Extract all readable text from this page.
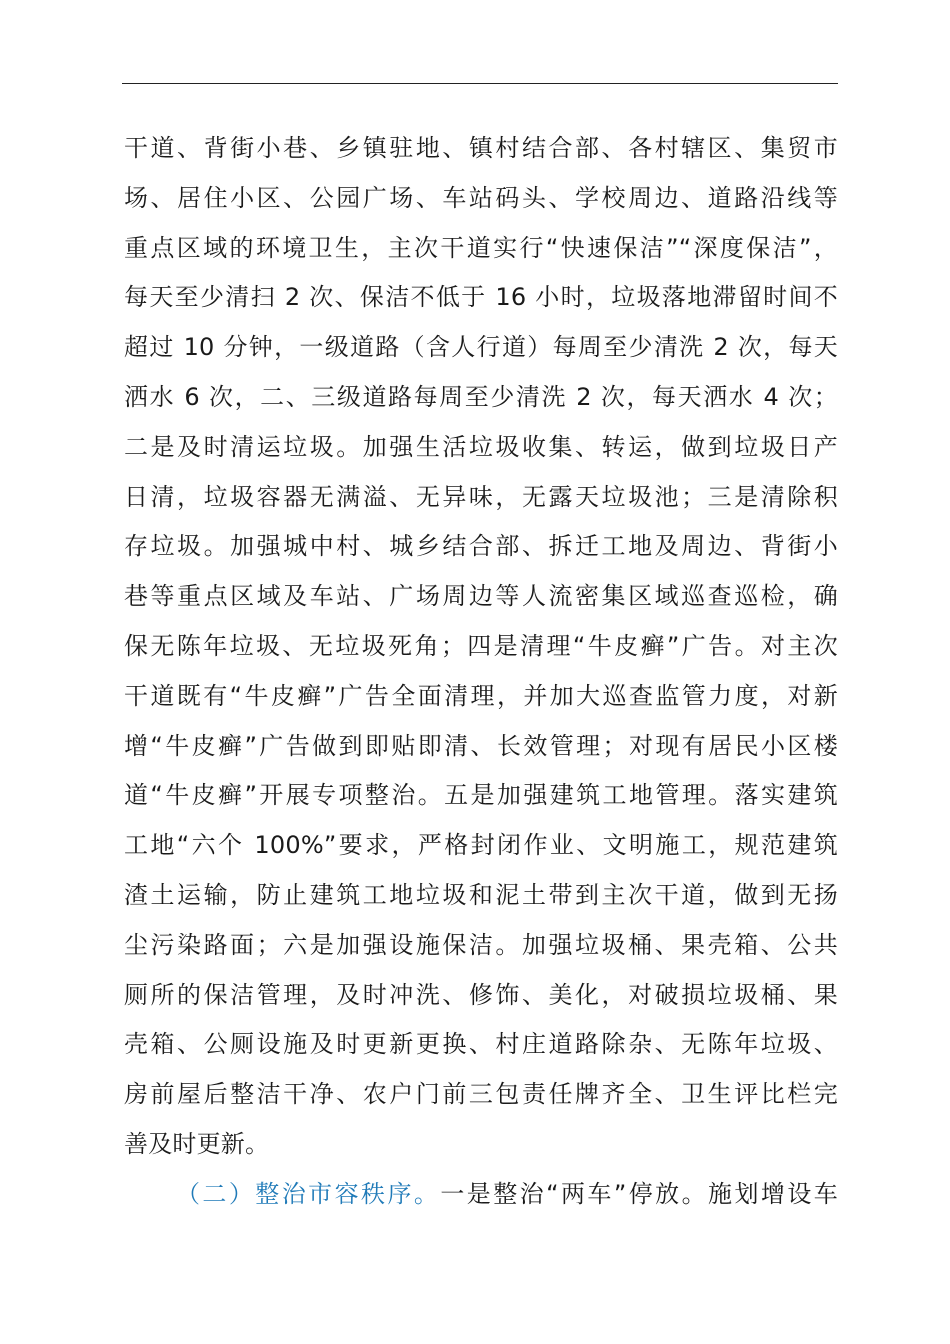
干道、背街小巷、乡镇驻地、镇村结合部、各村辖区、集贸市
场、居住小区、公园广场、车站码头、学校周边、道路沿线等
重点区域的环境卫生，主次干道实行“快速保洁”“深度保洁”，
每天至少清扫 2 次、保洁不低于 16 小时，垃圾落地滞留时间不
超过 10 分钟，一级道路（含人行道）每周至少清洗 2 次，每天
洒水 6 次，二、三级道路每周至少清洗 2 次，每天洒水 4 次；
二是及时清运垃圾。加强生活垃圾收集、转运，做到垃圾日产
日清，垃圾容器无满溢、无异味，无露天垃圾池；三是清除积
存垃圾。加强城中村、城乡结合部、拆迁工地及周边、背街小
巷等重点区域及车站、广场周边等人流密集区域巡查巡检，确
保无陈年垃圾、无垃圾死角；四是清理“牛皮癣”广告。对主次
干道既有“牛皮癣”广告全面清理，并加大巡查监管力度，对新
增“牛皮癣”广告做到即贴即清、长效管理；对现有居民小区楼
道“牛皮癣”开展专项整治。五是加强建筑工地管理。落实建筑
工地“六个 100%”要求，严格封闭作业、文明施工，规范建筑
渣土运输，防止建筑工地垃圾和泥土带到主次干道，做到无扬
尘污染路面；六是加强设施保洁。加强垃圾桶、果壳箱、公共
厕所的保洁管理，及时冲洗、修饰、美化，对破损垃圾桶、果
壳箱、公厕设施及时更新更换、村庄道路除杂、无陈年垃圾、
房前屋后整洁干净、农户门前三包责任牌齐全、卫生评比栏完
善及时更新。
（二）整治市容秩序。一是整治“两车”停放。施划增设车
